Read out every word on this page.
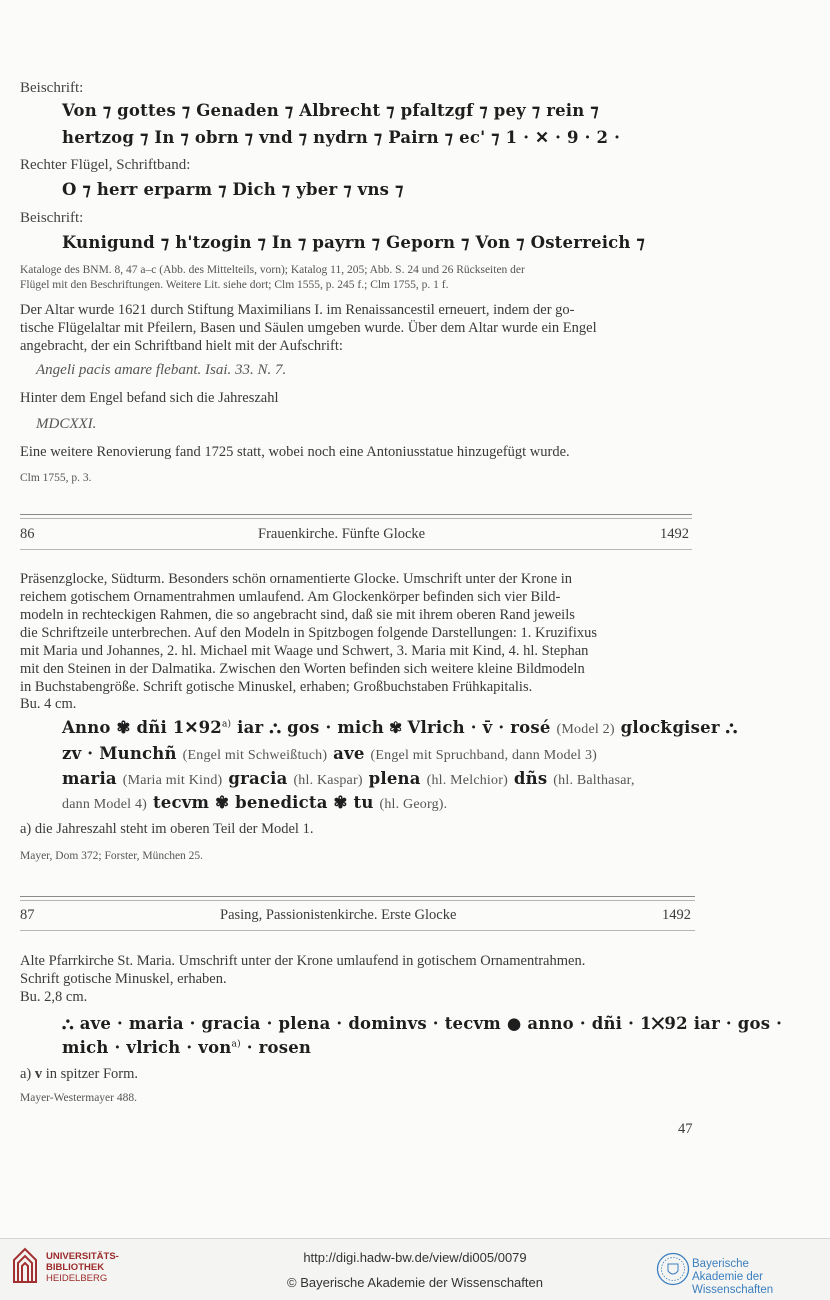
Beischrift:
Von ⁊ gottes ⁊ Genaden ⁊ Albrecht ⁊ pfaltzgf ⁊ pey ⁊ rein ⁊
hertzog ⁊ In ⁊ obrn ⁊ vnd ⁊ nydrn ⁊ Pairn ⁊ ec' ⁊ 1 · ✕ · 9 · 2 ·
Rechter Flügel, Schriftband:
O ⁊ herr erparm ⁊ Dich ⁊ yber ⁊ vns ⁊
Beischrift:
Kunigund ⁊ h'tzogin ⁊ In ⁊ payrn ⁊ Geporn ⁊ Von ⁊ Osterreich ⁊
Kataloge des BNM. 8, 47 a–c (Abb. des Mittelteils, vorn); Katalog 11, 205; Abb. S. 24 und 26 Rückseiten der
Flügel mit den Beschriftungen. Weitere Lit. siehe dort; Clm 1555, p. 245 f.; Clm 1755, p. 1 f.
Der Altar wurde 1621 durch Stiftung Maximilians I. im Renaissancestil erneuert, indem der go-
tische Flügelaltar mit Pfeilern, Basen und Säulen umgeben wurde. Über dem Altar wurde ein Engel
angebracht, der ein Schriftband hielt mit der Aufschrift:
Angeli pacis amare flebant. Isai. 33. N. 7.
Hinter dem Engel befand sich die Jahreszahl
MDCXXI.
Eine weitere Renovierung fand 1725 statt, wobei noch eine Antoniusstatue hinzugefügt wurde.
Clm 1755, p. 3.
86	Frauenkirche. Fünfte Glocke	1492
Präsenzglocke, Südturm. Besonders schön ornamentierte Glocke. Umschrift unter der Krone in
reichem gotischem Ornamentrahmen umlaufend. Am Glockenkörper befinden sich vier Bild-
modeln in rechteckigen Rahmen, die so angebracht sind, daß sie mit ihrem oberen Rand jeweils
die Schriftzeile unterbrechen. Auf den Modeln in Spitzbogen folgende Darstellungen: 1. Kruzifixus
mit Maria und Johannes, 2. hl. Michael mit Waage und Schwert, 3. Maria mit Kind, 4. hl. Stephan
mit den Steinen in der Dalmatika. Zwischen den Worten befinden sich weitere kleine Bildmodeln
in Buchstabengröße. Schrift gotische Minuskel, erhaben; Großbuchstaben Frühkapitalis.
Bu. 4 cm.
Anno ✾ dñi 1✕92$^{a)}$ iar ⛬ gos · mich ✾ Vlrich · v̄ · rosé (Model 2) glocꝁgiser ⛬
zv · Munchñ (Engel mit Schweißtuch) ave (Engel mit Spruchband, dann Model 3)
maria (Maria mit Kind) gracia (hl. Kaspar) plena (hl. Melchior) dñs (hl. Balthasar,
dann Model 4) tecvm ✾ benedicta ✾ tu (hl. Georg).
a) die Jahreszahl steht im oberen Teil der Model 1.
Mayer, Dom 372; Forster, München 25.
87	Pasing, Passionistenkirche. Erste Glocke	1492
Alte Pfarrkirche St. Maria. Umschrift unter der Krone umlaufend in gotischem Ornamentrahmen.
Schrift gotische Minuskel, erhaben.
Bu. 2,8 cm.
⛬ ave · maria · gracia · plena · dominvs · tecvm ● anno · dñi · 1✕92 iar · gos ·
mich · vlrich · von$^{a)}$ · rosen
a) v in spitzer Form.
Mayer-Westermayer 488.
47
UNIVERSITÄTS-
BIBLIOTHEK
HEIDELBERG
http://digi.hadw-bw.de/view/di005/0079
© Bayerische Akademie der Wissenschaften
Bayerische
Akademie der Wissenschaften
